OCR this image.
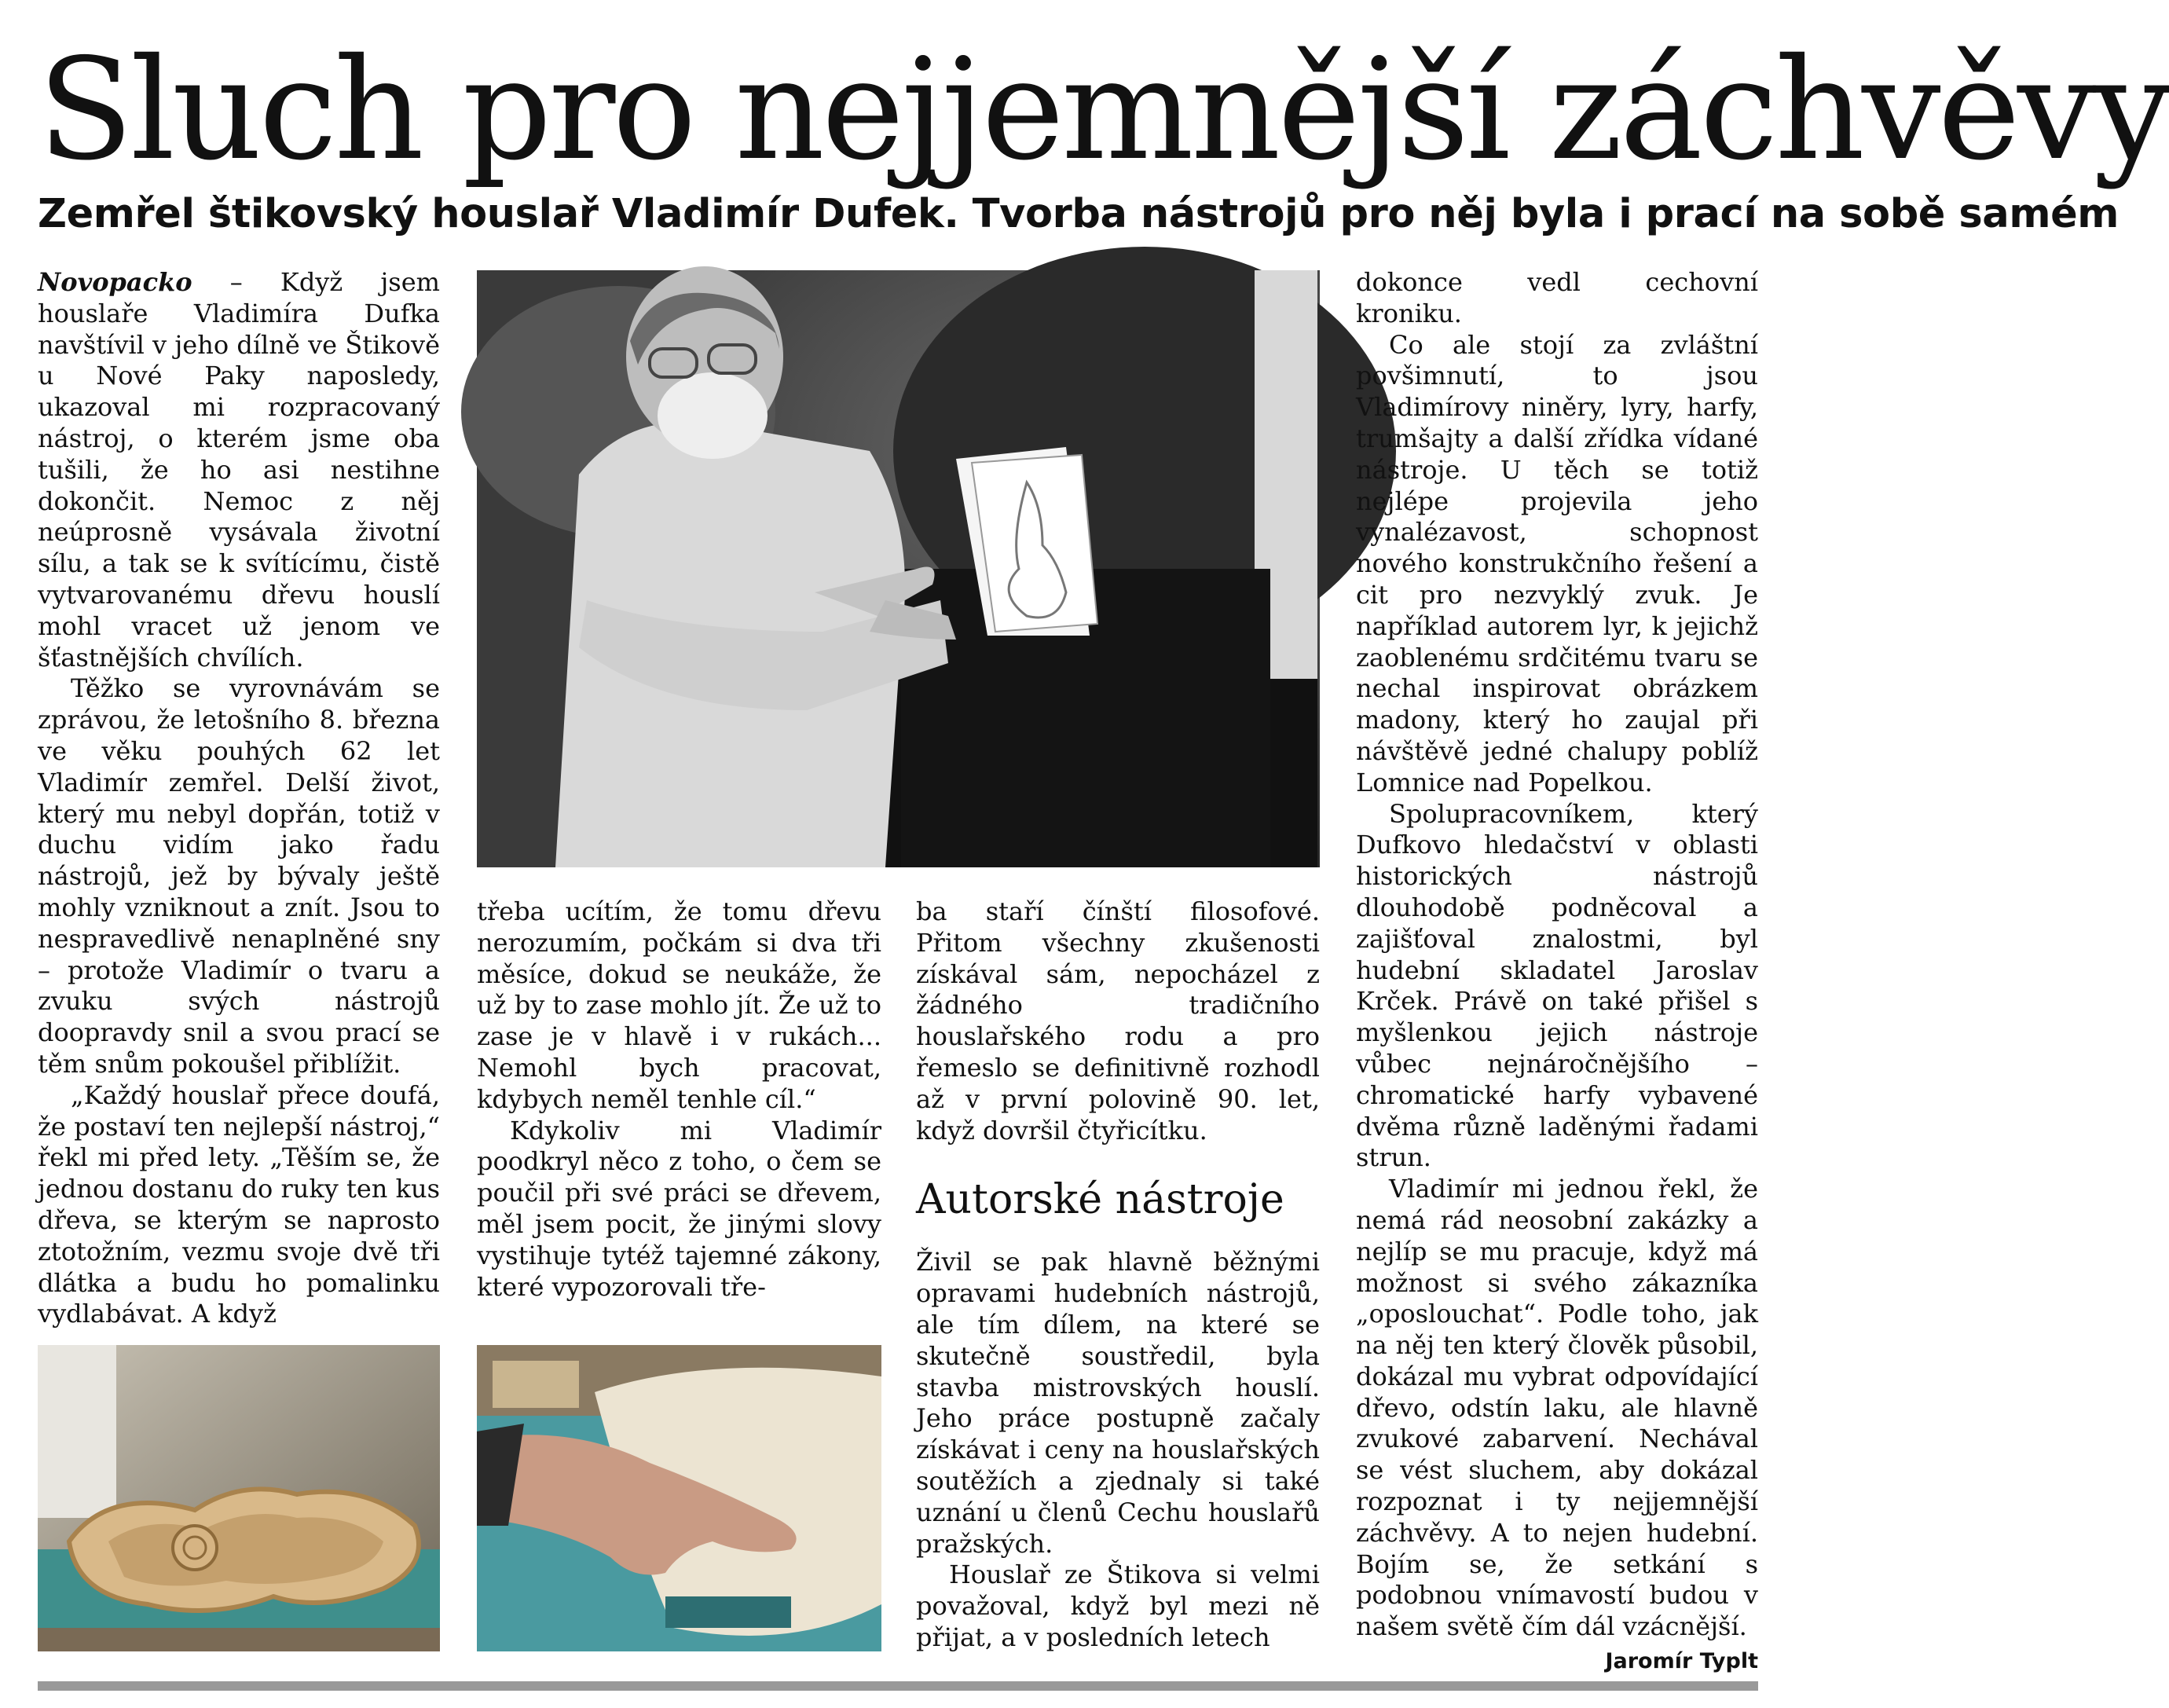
Sluch pro nejjemnější záchvěvy
Zemřel štikovský houslař Vladimír Dufek. Tvorba nástrojů pro něj byla i prací na sobě samém

Novopacko – Když jsem houslaře Vladimíra Dufka navštívil v jeho dílně ve Štikově u Nové Paky naposledy, ukazoval mi rozpracovaný nástroj, o kterém jsme oba tušili, že ho asi nestihne dokončit. Nemoc z něj neúprosně vysávala životní sílu, a tak se k svítícímu, čistě vytvarovanému dřevu houslí mohl vracet už jenom ve šťastnějších chvílích.

Těžko se vyrovnávám se zprávou, že letošního 8. března ve věku pouhých 62 let Vladimír zemřel. Delší život, který mu nebyl dopřán, totiž v duchu vidím jako řadu nástrojů, jež by bývaly ještě mohly vzniknout a znít. Jsou to nespravedlivě nenaplněné sny – protože Vladimír o tvaru a zvuku svých nástrojů doopravdy snil a svou prací se těm snům pokoušel přiblížit.

„Každý houslař přece doufá, že postaví ten nejlepší nástroj,“ řekl mi před lety. „Těším se, že jednou dostanu do ruky ten kus dřeva, se kterým se naprosto ztotožním, vezmu svoje dvě tři dlátka a budu ho pomalinku vydlabávat. A když

třeba ucítím, že tomu dřevu nerozumím, počkám si dva tři měsíce, dokud se neukáže, že už by to zase mohlo jít. Že už to zase je v hlavě i v rukách... Nemohl bych pracovat, kdybych neměl tenhle cíl.“

Kdykoliv mi Vladimír poodkryl něco z toho, o čem se poučil při své práci se dřevem, měl jsem pocit, že jinými slovy vystihuje tytéž tajemné zákony, které vypozorovali tře-

ba staří čínští filosofové. Přitom všechny zkušenosti získával sám, nepocházel z žádného tradičního houslařského rodu a pro řemeslo se definitivně rozhodl až v první polovině 90. let, když dovršil čtyřicítku.

Autorské nástroje

Živil se pak hlavně běžnými opravami hudebních nástrojů, ale tím dílem, na které se skutečně soustředil, byla stavba mistrovských houslí. Jeho práce postupně začaly získávat i ceny na houslařských soutěžích a zjednaly si také uznání u členů Cechu houslařů pražských.

Houslař ze Štikova si velmi považoval, když byl mezi ně přijat, a v posledních letech

dokonce vedl cechovní kroniku.

Co ale stojí za zvláštní povšimnutí, to jsou Vladimírovy niněry, lyry, harfy, trumšajty a další zřídka vídané nástroje. U těch se totiž nejlépe projevila jeho vynalézavost, schopnost nového konstrukčního řešení a cit pro nezvyklý zvuk. Je například autorem lyr, k jejichž zaoblenému srdčitému tvaru se nechal inspirovat obrázkem madony, který ho zaujal při návštěvě jedné chalupy poblíž Lomnice nad Popelkou.

Spolupracovníkem, který Dufkovo hledačství v oblasti historických nástrojů dlouhodobě podněcoval a zajišťoval znalostmi, byl hudební skladatel Jaroslav Krček. Právě on také přišel s myšlenkou jejich nástroje vůbec nejnáročnějšího – chromatické harfy vybavené dvěma různě laděnými řadami strun.

Vladimír mi jednou řekl, že nemá rád neosobní zakázky a nejlíp se mu pracuje, když má možnost si svého zákazníka „oposlouchat“. Podle toho, jak na něj ten který člověk působil, dokázal mu vybrat odpovídající dřevo, odstín laku, ale hlavně zvukové zabarvení. Nechával se vést sluchem, aby dokázal rozpoznat i ty nejjemnější záchvěvy. A to nejen hudební. Bojím se, že setkání s podobnou vnímavostí budou v našem světě čím dál vzácnější.
Jaromír Typlt
